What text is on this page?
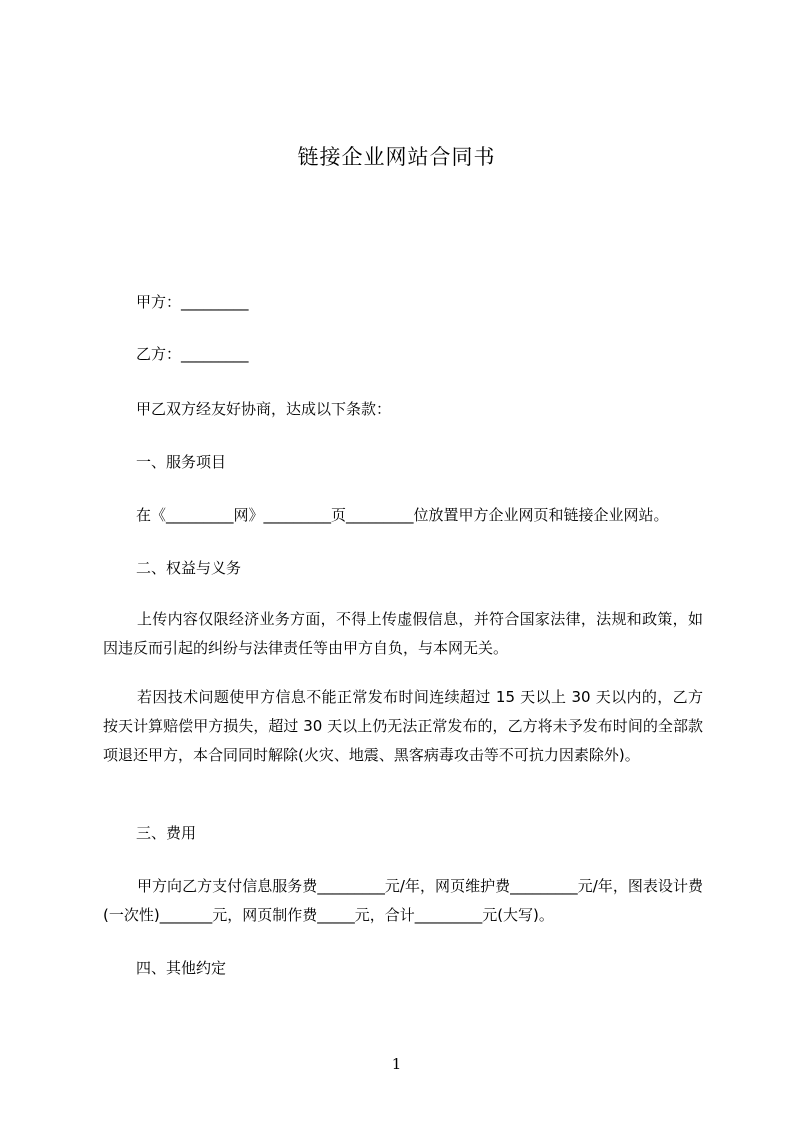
链接企业网站合同书
甲方：_________
乙方：_________
甲乙双方经友好协商，达成以下条款：
一、服务项目
在《_________网》_________页_________位放置甲方企业网页和链接企业网站。
二、权益与义务
上传内容仅限经济业务方面，不得上传虚假信息，并符合国家法律，法规和政策，如因违反而引起的纠纷与法律责任等由甲方自负，与本网无关。
若因技术问题使甲方信息不能正常发布时间连续超过 15 天以上 30 天以内的，乙方按天计算赔偿甲方损失，超过 30 天以上仍无法正常发布的，乙方将未予发布时间的全部款项退还甲方，本合同同时解除(火灾、地震、黑客病毒攻击等不可抗力因素除外)。
三、费用
甲方向乙方支付信息服务费_________元/年，网页维护费_________元/年，图表设计费(一次性)_______元，网页制作费_____元，合计_________元(大写)。
四、其他约定
1
